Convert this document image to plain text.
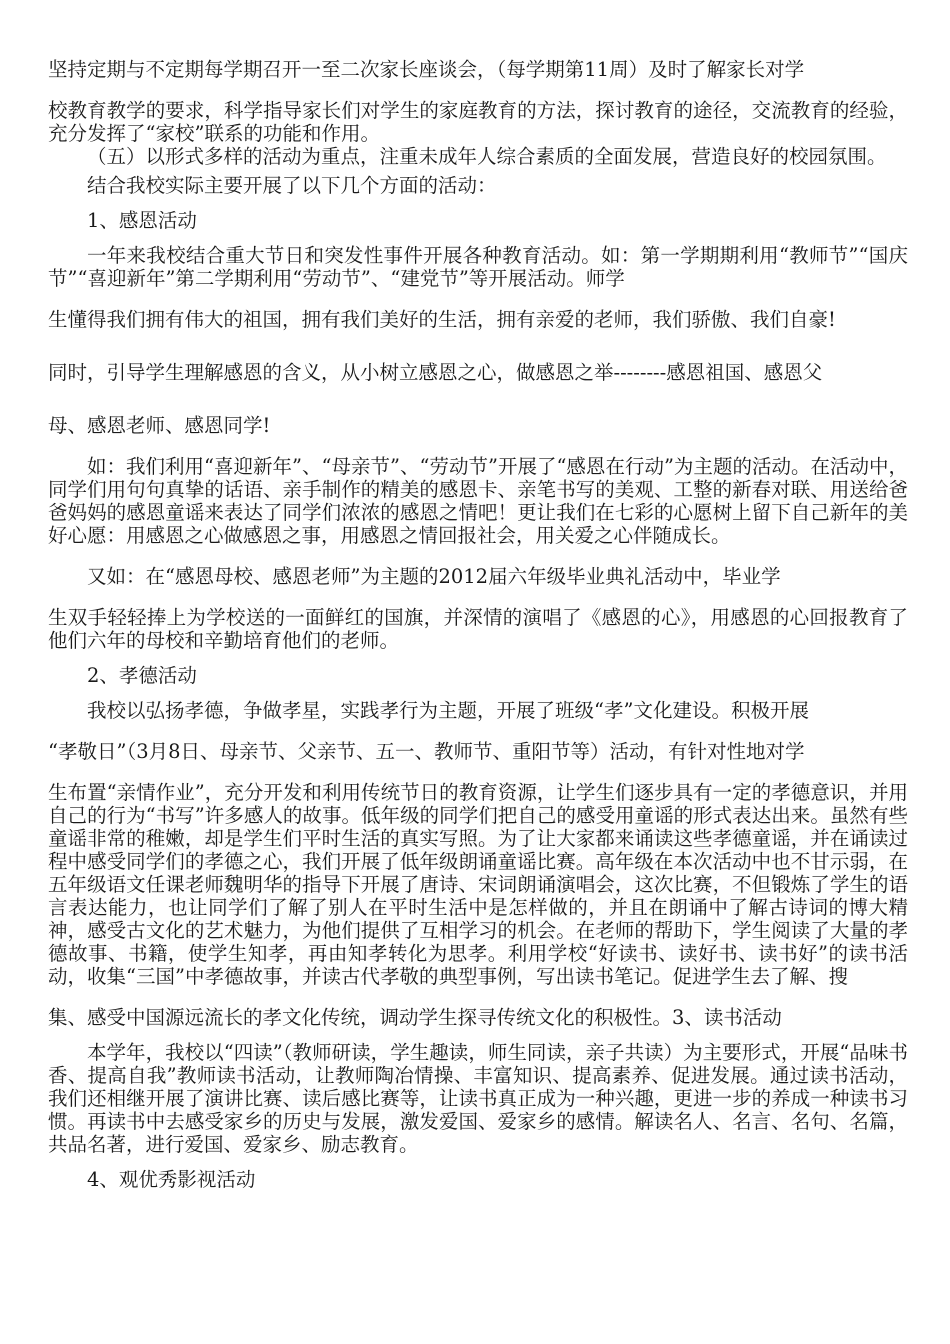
坚持定期与不定期每学期召开一至二次家长座谈会，（每学期第11周）及时了解家长对学

校教育教学的要求，科学指导家长们对学生的家庭教育的方法，探讨教育的途径，交流教育的经验，充分发挥了“家校”联系的功能和作用。

（五）以形式多样的活动为重点，注重未成年人综合素质的全面发展，营造良好的校园氛围。

结合我校实际主要开展了以下几个方面的活动：

1、感恩活动

一年来我校结合重大节日和突发性事件开展各种教育活动。如：第一学期期利用“教师节”“国庆节”“喜迎新年”第二学期利用“劳动节”、“建党节”等开展活动。师学

生懂得我们拥有伟大的祖国，拥有我们美好的生活，拥有亲爱的老师，我们骄傲、我们自豪!

同时，引导学生理解感恩的含义，从小树立感恩之心，做感恩之举--------感恩祖国、感恩父

母、感恩老师、感恩同学!

如：我们利用“喜迎新年”、“母亲节”、“劳动节”开展了“感恩在行动”为主题的活动。在活动中，同学们用句句真挚的话语、亲手制作的精美的感恩卡、亲笔书写的美观、工整的新春对联、用送给爸爸妈妈的感恩童谣来表达了同学们浓浓的感恩之情吧！更让我们在七彩的心愿树上留下自己新年的美好心愿：用感恩之心做感恩之事，用感恩之情回报社会，用关爱之心伴随成长。

又如：在“感恩母校、感恩老师”为主题的2012届六年级毕业典礼活动中，毕业学

生双手轻轻捧上为学校送的一面鲜红的国旗，并深情的演唱了《感恩的心》，用感恩的心回报教育了他们六年的母校和辛勤培育他们的老师。

2、孝德活动

我校以弘扬孝德，争做孝星，实践孝行为主题，开展了班级“孝”文化建设。积极开展

“孝敬日”（3月8日、母亲节、父亲节、五一、教师节、重阳节等）活动，有针对性地对学

生布置“亲情作业”，充分开发和利用传统节日的教育资源，让学生们逐步具有一定的孝德意识，并用自己的行为“书写”许多感人的故事。低年级的同学们把自己的感受用童谣的形式表达出来。虽然有些童谣非常的稚嫩，却是学生们平时生活的真实写照。为了让大家都来诵读这些孝德童谣，并在诵读过程中感受同学们的孝德之心，我们开展了低年级朗诵童谣比赛。高年级在本次活动中也不甘示弱，在五年级语文任课老师魏明华的指导下开展了唐诗、宋词朗诵演唱会，这次比赛，不但锻炼了学生的语言表达能力，也让同学们了解了别人在平时生活中是怎样做的，并且在朗诵中了解古诗词的博大精神，感受古文化的艺术魅力，为他们提供了互相学习的机会。在老师的帮助下，学生阅读了大量的孝德故事、书籍，使学生知孝，再由知孝转化为思孝。利用学校“好读书、读好书、读书好”的读书活动，收集“三国”中孝德故事，并读古代孝敬的典型事例，写出读书笔记。促进学生去了解、搜

集、感受中国源远流长的孝文化传统，调动学生探寻传统文化的积极性。3、读书活动

本学年，我校以“四读”（教师研读，学生趣读，师生同读，亲子共读）为主要形式，开展“品味书香、提高自我”教师读书活动，让教师陶冶情操、丰富知识、提高素养、促进发展。通过读书活动，我们还相继开展了演讲比赛、读后感比赛等，让读书真正成为一种兴趣，更进一步的养成一种读书习惯。再读书中去感受家乡的历史与发展，激发爱国、爱家乡的感情。解读名人、名言、名句、名篇，共品名著，进行爱国、爱家乡、励志教育。

4、观优秀影视活动
